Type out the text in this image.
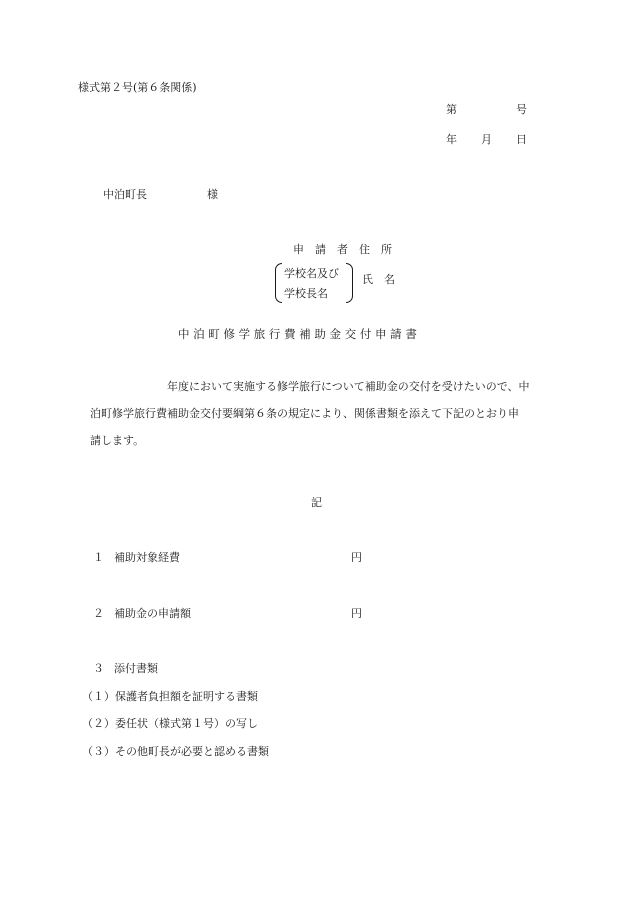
様式第２号(第６条関係)
第	号
年 月 日
中泊町長	様
申　請　者　住　所
学校名及び
学校長名
氏　名
中 泊 町 修 学 旅 行 費 補 助 金 交 付 申 請 書
　　　　　　　年度において実施する修学旅行について補助金の交付を受けたいので、中
泊町修学旅行費補助金交付要綱第６条の規定により、関係書類を添えて下記のとおり申
請します。
記
１ 補助対象経費	円
２ 補助金の申請額	円
３ 添付書類
（１）保護者負担額を証明する書類
（２）委任状（様式第１号）の写し
（３）その他町長が必要と認める書類
